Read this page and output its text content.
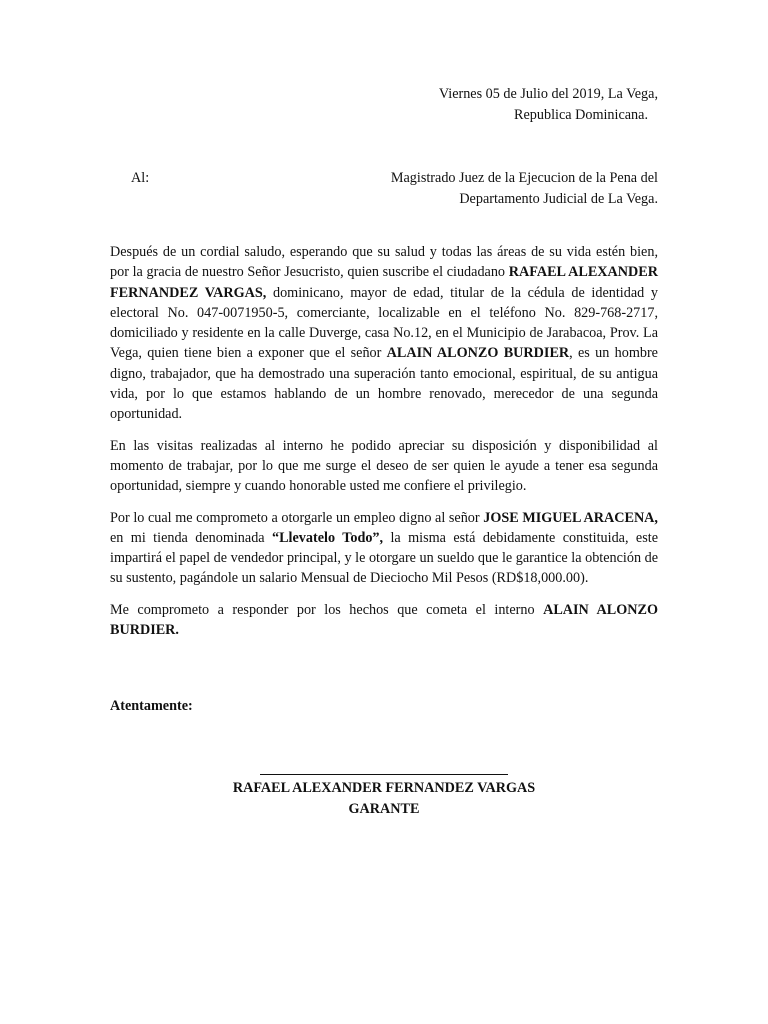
Viernes 05 de Julio del 2019, La Vega,
Republica Dominicana.
Al:	Magistrado Juez de la Ejecucion de la Pena del
Departamento Judicial de La Vega.

Después de un cordial saludo, esperando que su salud y todas las áreas de su vida estén bien, por la gracia de nuestro Señor Jesucristo, quien suscribe el ciudadano RAFAEL ALEXANDER FERNANDEZ VARGAS, dominicano, mayor de edad, titular de la cédula de identidad y electoral No. 047-0071950-5, comerciante, localizable en el teléfono No. 829-768-2717, domiciliado y residente en la calle Duverge, casa No.12, en el Municipio de Jarabacoa, Prov. La Vega, quien tiene bien a exponer que el señor ALAIN ALONZO BURDIER, es un hombre digno, trabajador, que ha demostrado una superación tanto emocional, espiritual, de su antigua vida, por lo que estamos hablando de un hombre renovado, merecedor de una segunda oportunidad.

En las visitas realizadas al interno he podido apreciar su disposición y disponibilidad al momento de trabajar, por lo que me surge el deseo de ser quien le ayude a tener esa segunda oportunidad, siempre y cuando honorable usted me confiere el privilegio.

Por lo cual me comprometo a otorgarle un empleo digno al señor JOSE MIGUEL ARACENA, en mi tienda denominada “Llevatelo Todo”, la misma está debidamente constituida, este impartirá el papel de vendedor principal, y le otorgare un sueldo que le garantice la obtención de su sustento, pagándole un salario Mensual de Dieciocho Mil Pesos (RD$18,000.00).

Me comprometo a responder por los hechos que cometa el interno ALAIN ALONZO BURDIER.

Atentamente:
RAFAEL ALEXANDER FERNANDEZ VARGAS
GARANTE
